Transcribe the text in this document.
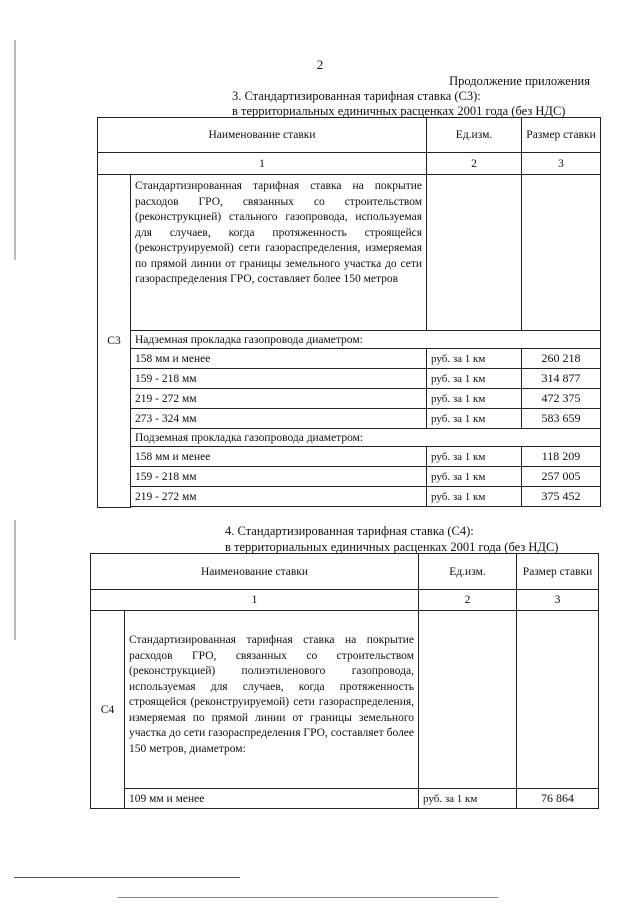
2
Продолжение приложения
3. Стандартизированная тарифная ставка (С3):
в территориальных единичных расценках 2001 года (без НДС)
Наименование ставки		Ед.изм.	Размер ставки
1		2	3
С3	Стандартизированная тарифная ставка на покрытие расходов ГРО, связанных со строительством (реконструкцией) стального газопровода, используемая для случаев, когда протяженность строящейся (реконструируемой) сети газораспределения, измеряемая по прямой линии от границы земельного участка до сети газораспределения ГРО, составляет более 150 метров		
	Надземная прокладка газопровода диаметром:		
	158 мм и менее	руб. за 1 км	260 218
	159 - 218 мм	руб. за 1 км	314 877
	219 - 272 мм	руб. за 1 км	472 375
	273 - 324 мм	руб. за 1 км	583 659
	Подземная прокладка газопровода диаметром:		
	158 мм и менее	руб. за 1 км	118 209
	159 - 218 мм	руб. за 1 км	257 005
	219 - 272 мм	руб. за 1 км	375 452

4. Стандартизированная тарифная ставка (С4):
в территориальных единичных расценках 2001 года (без НДС)
Наименование ставки		Ед.изм.	Размер ставки
1		2	3
С4	Стандартизированная тарифная ставка на покрытие расходов ГРО, связанных со строительством (реконструкцией) полиэтиленового газопровода, используемая для случаев, когда протяженность строящейся (реконструируемой) сети газораспределения, измеряемая по прямой линии от границы земельного участка до сети газораспределения ГРО, составляет более 150 метров, диаметром:		
	109 мм и менее	руб. за 1 км	76 864
